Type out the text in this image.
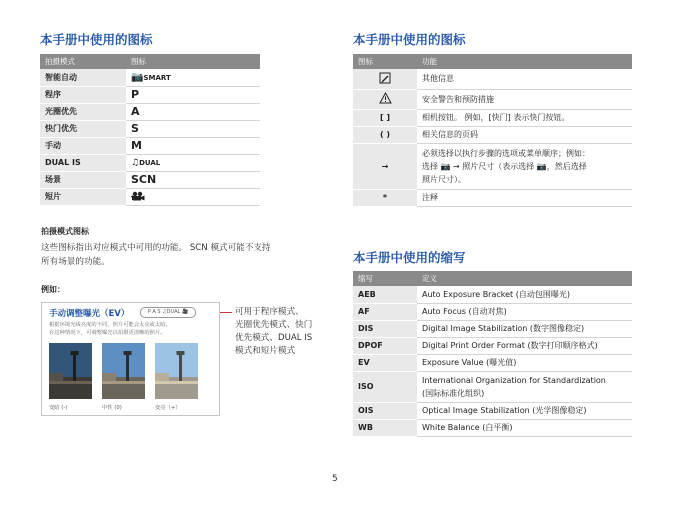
本手册中使用的图标
拍摄模式	图标
智能自动	📷SMART
程序	P
光圈优先	A
快门优先	S
手动	M
DUAL IS	♫DUAL
场景	SCN
短片	
拍摄模式图标
这些图标指出对应模式中可用的功能。 SCN 模式可能不支持
所有场景的功能。
例如：
手动调整曝光（EV）	P A S ♫DUAL 🎥
根据环境光线亮度的不同，照片可能会太亮或太暗。
在这种情况下，可调整曝光以拍摄更清晰的照片。
变暗 (-)	中性 (0)	变亮（+）
可用于程序模式、
光圈优先模式、快门
优先模式、DUAL IS
模式和短片模式
本手册中使用的图标
图标	功能
	其他信息
	安全警告和预防措施
[ ]	相机按钮。 例如，[快门] 表示快门按钮。
( )	相关信息的页码
→	必须选择以执行步骤的选项或菜单顺序；例如：
选择 📷 → 照片尺寸（表示选择 📷，然后选择
照片尺寸）。

*	注释
本手册中使用的缩写
缩写	定义
AEB	Auto Exposure Bracket (自动包围曝光)
AF	Auto Focus (自动对焦)
DIS	Digital Image Stabilization (数字图像稳定)
DPOF	Digital Print Order Format (数字打印顺序格式)
EV	Exposure Value (曝光值)
ISO	International Organization for Standardization
(国际标准化组织)

OIS	Optical Image Stabilization (光学图像稳定)
WB	White Balance (白平衡)
5
